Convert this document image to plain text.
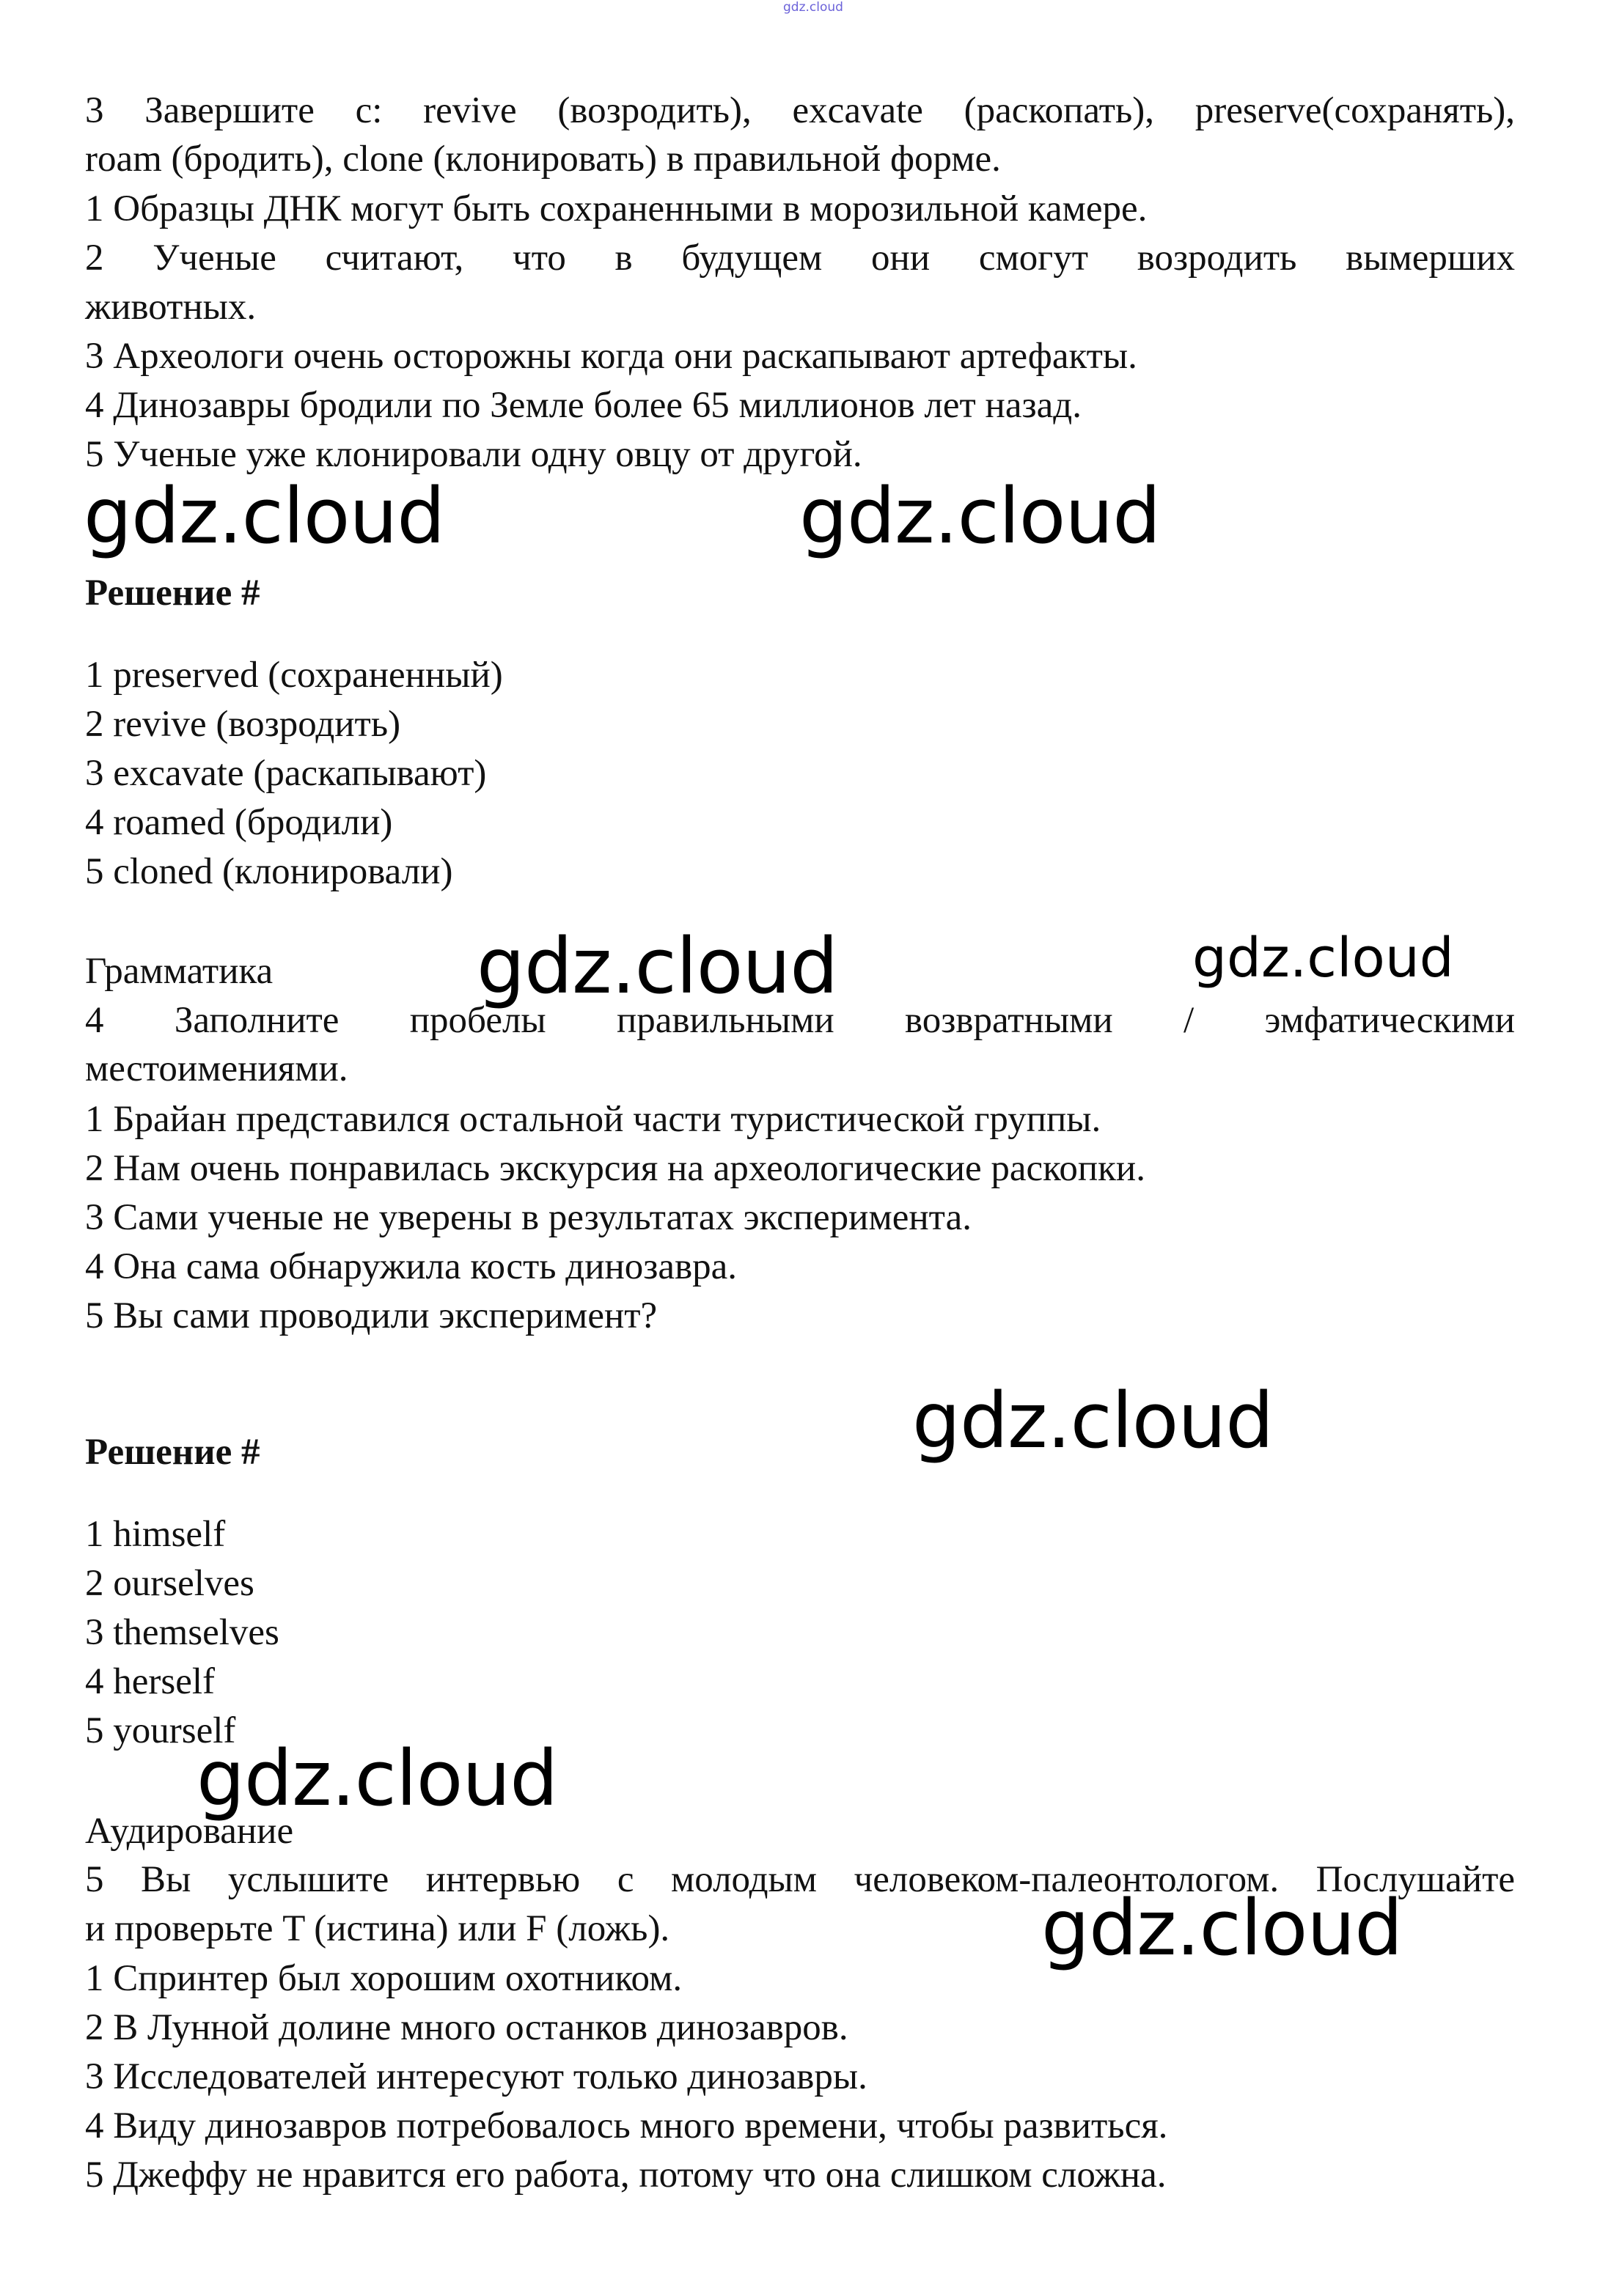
gdz.cloud
3 Завершите с: revive (возродить), excavate (раскопать), preserve(сохранять),
roam (бродить), clone (клонировать) в правильной форме.
1 Образцы ДНК могут быть сохраненными в морозильной камере.
2 Ученые считают, что в будущем они смогут возродить вымерших
животных.
3 Археологи очень осторожны когда они раскапывают артефакты.
4 Динозавры бродили по Земле более 65 миллионов лет назад.
5 Ученые уже клонировали одну овцу от другой.
gdz.cloud	gdz.cloud
Решение #
1 preserved (сохраненный)
2 revive (возродить)
3 excavate (раскапывают)
4 roamed (бродили)
5 cloned (клонировали)
Грамматика	gdz.cloud	gdz.cloud
4 Заполните пробелы правильными возвратными / эмфатическими
местоимениями.
1 Брайан представился остальной части туристической группы.
2 Нам очень понравилась экскурсия на археологические раскопки.
3 Сами ученые не уверены в результатах эксперимента.
4 Она сама обнаружила кость динозавра.
5 Вы сами проводили эксперимент?
gdz.cloud
Решение #
1 himself
2 ourselves
3 themselves
4 herself
5 yourself
gdz.cloud
Аудирование
5 Вы услышите интервью с молодым человеком-палеонтологом. Послушайте
и проверьте T (истина) или F (ложь).	gdz.cloud
1 Спринтер был хорошим охотником.
2 В Лунной долине много останков динозавров.
3 Исследователей интересуют только динозавры.
4 Виду динозавров потребовалось много времени, чтобы развиться.
5 Джеффу не нравится его работа, потому что она слишком сложна.
